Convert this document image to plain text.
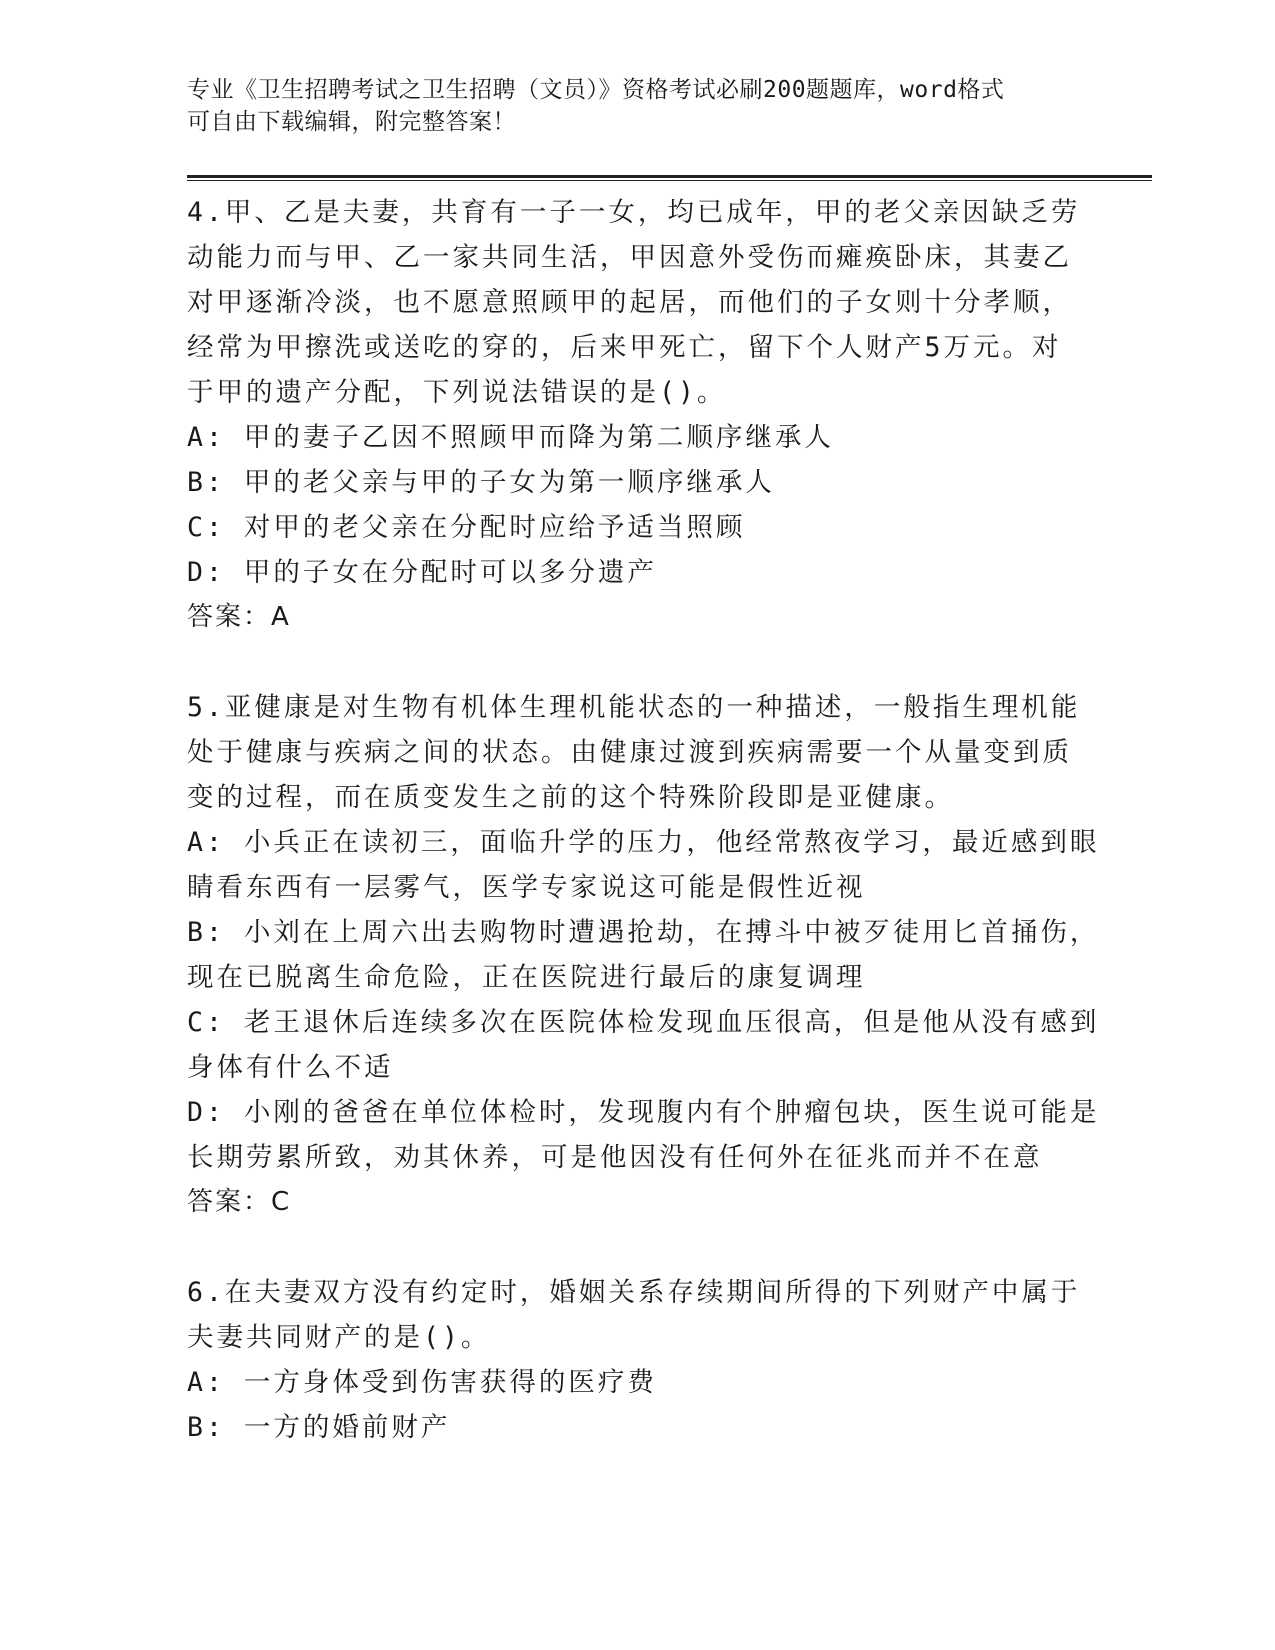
专业《卫生招聘考试之卫生招聘（文员）》资格考试必刷200题题库，word格式
可自由下载编辑，附完整答案！
4.甲、乙是夫妻，共育有一子一女，均已成年，甲的老父亲因缺乏劳
动能力而与甲、乙一家共同生活，甲因意外受伤而瘫痪卧床，其妻乙
对甲逐渐冷淡，也不愿意照顾甲的起居，而他们的子女则十分孝顺，
经常为甲擦洗或送吃的穿的，后来甲死亡，留下个人财产5万元。对
于甲的遗产分配，下列说法错误的是()。
A: 甲的妻子乙因不照顾甲而降为第二顺序继承人
B: 甲的老父亲与甲的子女为第一顺序继承人
C: 对甲的老父亲在分配时应给予适当照顾
D: 甲的子女在分配时可以多分遗产
答案：A
5.亚健康是对生物有机体生理机能状态的一种描述，一般指生理机能
处于健康与疾病之间的状态。由健康过渡到疾病需要一个从量变到质
变的过程，而在质变发生之前的这个特殊阶段即是亚健康。
A: 小兵正在读初三，面临升学的压力，他经常熬夜学习，最近感到眼
睛看东西有一层雾气，医学专家说这可能是假性近视
B: 小刘在上周六出去购物时遭遇抢劫，在搏斗中被歹徒用匕首捅伤，
现在已脱离生命危险，正在医院进行最后的康复调理
C: 老王退休后连续多次在医院体检发现血压很高，但是他从没有感到
身体有什么不适
D: 小刚的爸爸在单位体检时，发现腹内有个肿瘤包块，医生说可能是
长期劳累所致，劝其休养，可是他因没有任何外在征兆而并不在意
答案：C
6.在夫妻双方没有约定时，婚姻关系存续期间所得的下列财产中属于
夫妻共同财产的是()。
A: 一方身体受到伤害获得的医疗费
B: 一方的婚前财产
